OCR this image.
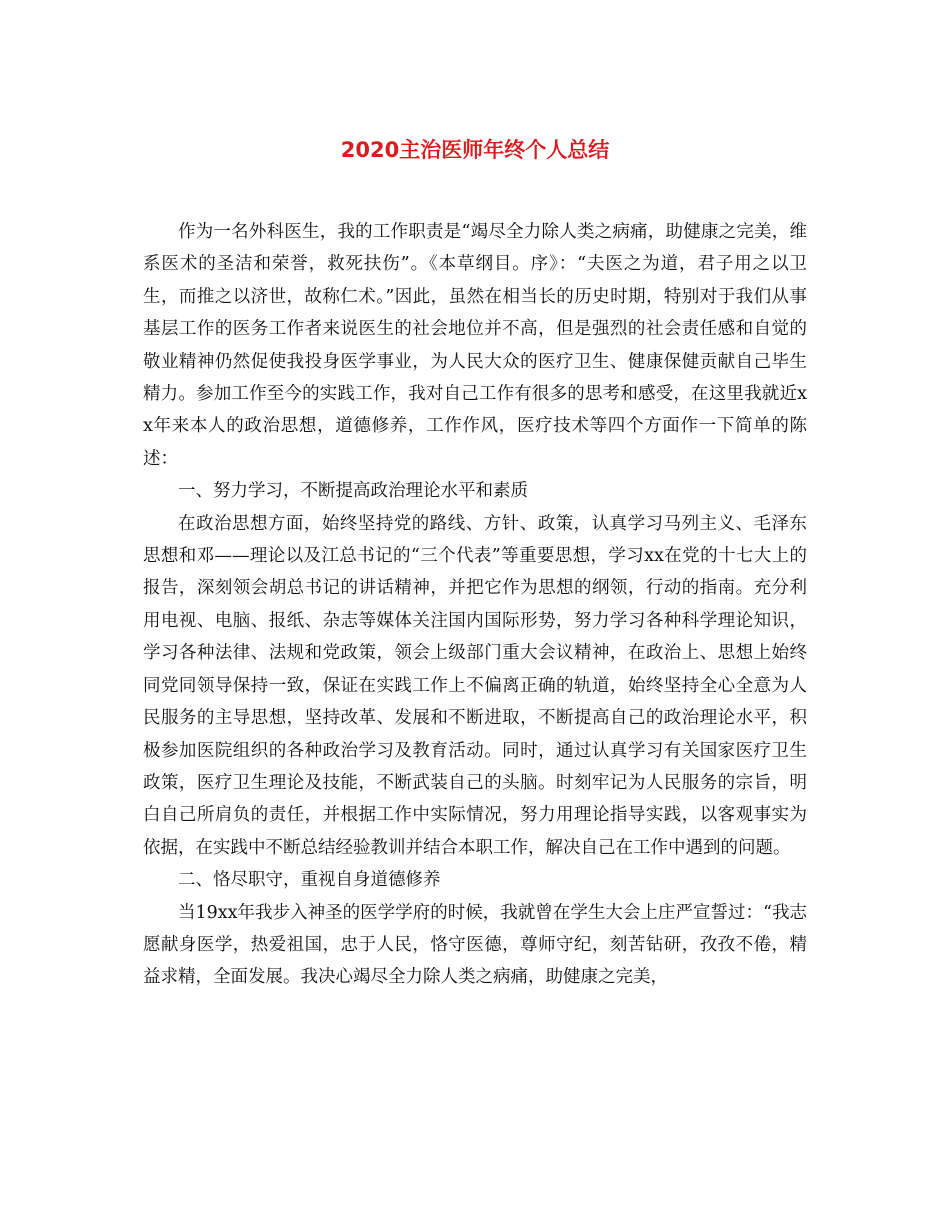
2020主治医师年终个人总结

作为一名外科医生，我的工作职责是“竭尽全力除人类之病痛，助健康之完美，维系医术的圣洁和荣誉，救死扶伤”。《本草纲目。序》：“夫医之为道，君子用之以卫生，而推之以济世，故称仁术。”因此，虽然在相当长的历史时期，特别对于我们从事基层工作的医务工作者来说医生的社会地位并不高，但是强烈的社会责任感和自觉的敬业精神仍然促使我投身医学事业，为人民大众的医疗卫生、健康保健贡献自己毕生精力。参加工作至今的实践工作，我对自己工作有很多的思考和感受，在这里我就近xx年来本人的政治思想，道德修养，工作作风，医疗技术等四个方面作一下简单的陈述：

一、努力学习，不断提高政治理论水平和素质

在政治思想方面，始终坚持党的路线、方针、政策，认真学习马列主义、毛泽东思想和邓——理论以及江总书记的“三个代表”等重要思想，学习xx在党的十七大上的报告，深刻领会胡总书记的讲话精神，并把它作为思想的纲领，行动的指南。充分利用电视、电脑、报纸、杂志等媒体关注国内国际形势，努力学习各种科学理论知识，学习各种法律、法规和党政策，领会上级部门重大会议精神，在政治上、思想上始终同党同领导保持一致，保证在实践工作上不偏离正确的轨道，始终坚持全心全意为人民服务的主导思想，坚持改革、发展和不断进取，不断提高自己的政治理论水平，积极参加医院组织的各种政治学习及教育活动。同时，通过认真学习有关国家医疗卫生政策，医疗卫生理论及技能，不断武装自己的头脑。时刻牢记为人民服务的宗旨，明白自己所肩负的责任，并根据工作中实际情况，努力用理论指导实践，以客观事实为依据，在实践中不断总结经验教训并结合本职工作，解决自己在工作中遇到的问题。

二、恪尽职守，重视自身道德修养

当19xx年我步入神圣的医学学府的时候，我就曾在学生大会上庄严宣誓过：“我志愿献身医学，热爱祖国，忠于人民，恪守医德，尊师守纪，刻苦钻研，孜孜不倦，精益求精，全面发展。我决心竭尽全力除人类之病痛，助健康之完美，
